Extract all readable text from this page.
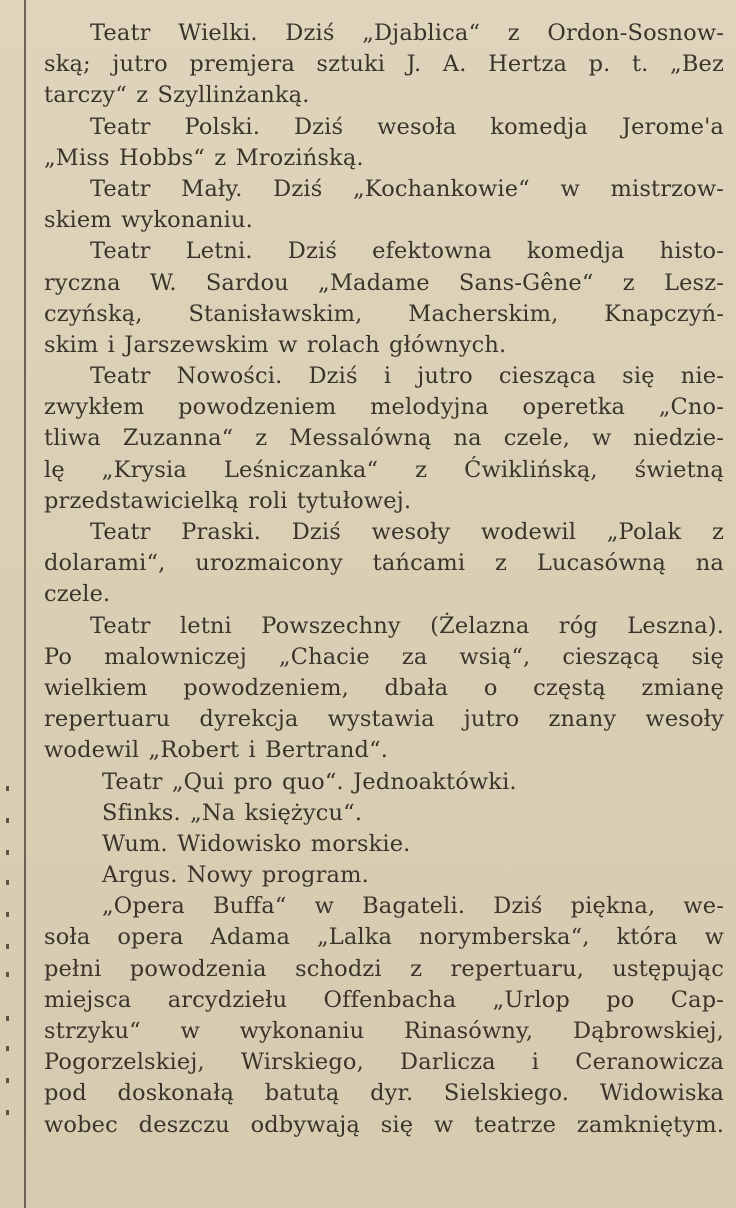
Teatr Wielki. Dziś „Djablica“ z Ordon-Sosnow-
ską; jutro premjera sztuki J. A. Hertza p. t. „Bez
tarczy“ z Szyllinżanką.
Teatr Polski. Dziś wesoła komedja Jerome'a
„Miss Hobbs“ z Mrozińską.
Teatr Mały. Dziś „Kochankowie“ w mistrzow-
skiem wykonaniu.
Teatr Letni. Dziś efektowna komedja histo-
ryczna W. Sardou „Madame Sans-Gêne“ z Lesz-
czyńską, Stanisławskim, Macherskim, Knapczyń-
skim i Jarszewskim w rolach głównych.
Teatr Nowości. Dziś i jutro ciesząca się nie-
zwykłem powodzeniem melodyjna operetka „Cno-
tliwa Zuzanna“ z Messalówną na czele, w niedzie-
lę „Krysia Leśniczanka“ z Ćwiklińską, świetną
przedstawicielką roli tytułowej.
Teatr Praski. Dziś wesoły wodewil „Polak z
dolarami“, urozmaicony tańcami z Lucasówną na
czele.
Teatr letni Powszechny (Żelazna róg Leszna).
Po malowniczej „Chacie za wsią“, cieszącą się
wielkiem powodzeniem, dbała o częstą zmianę
repertuaru dyrekcja wystawia jutro znany wesoły
wodewil „Robert i Bertrand“.
Teatr „Qui pro quo“. Jednoaktówki.
Sfinks. „Na księżycu“.
Wum. Widowisko morskie.
Argus. Nowy program.
„Opera Buffa“ w Bagateli. Dziś piękna, we-
soła opera Adama „Lalka norymberska“, która w
pełni powodzenia schodzi z repertuaru, ustępując
miejsca arcydziełu Offenbacha „Urlop po Cap-
strzyku“ w wykonaniu Rinasówny, Dąbrowskiej,
Pogorzelskiej, Wirskiego, Darlicza i Ceranowicza
pod doskonałą batutą dyr. Sielskiego. Widowiska
wobec deszczu odbywają się w teatrze zamkniętym.
